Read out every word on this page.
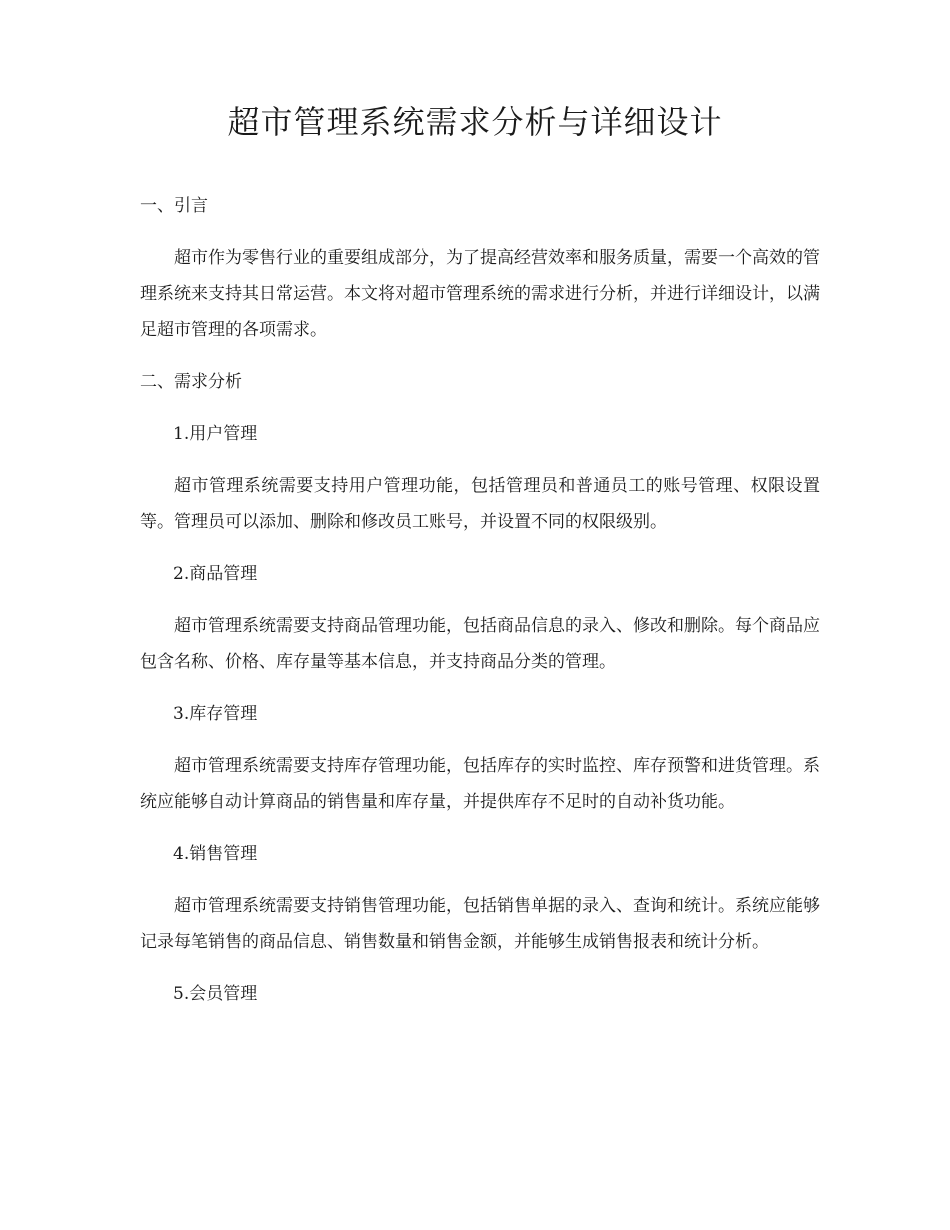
超市管理系统需求分析与详细设计
一、引言

超市作为零售行业的重要组成部分，为了提高经营效率和服务质量，需要一个高效的管理系统来支持其日常运营。本文将对超市管理系统的需求进行分析，并进行详细设计，以满足超市管理的各项需求。

二、需求分析
1.用户管理

超市管理系统需要支持用户管理功能，包括管理员和普通员工的账号管理、权限设置等。管理员可以添加、删除和修改员工账号，并设置不同的权限级别。

2.商品管理

超市管理系统需要支持商品管理功能，包括商品信息的录入、修改和删除。每个商品应包含名称、价格、库存量等基本信息，并支持商品分类的管理。

3.库存管理

超市管理系统需要支持库存管理功能，包括库存的实时监控、库存预警和进货管理。系统应能够自动计算商品的销售量和库存量，并提供库存不足时的自动补货功能。

4.销售管理

超市管理系统需要支持销售管理功能，包括销售单据的录入、查询和统计。系统应能够记录每笔销售的商品信息、销售数量和销售金额，并能够生成销售报表和统计分析。

5.会员管理
